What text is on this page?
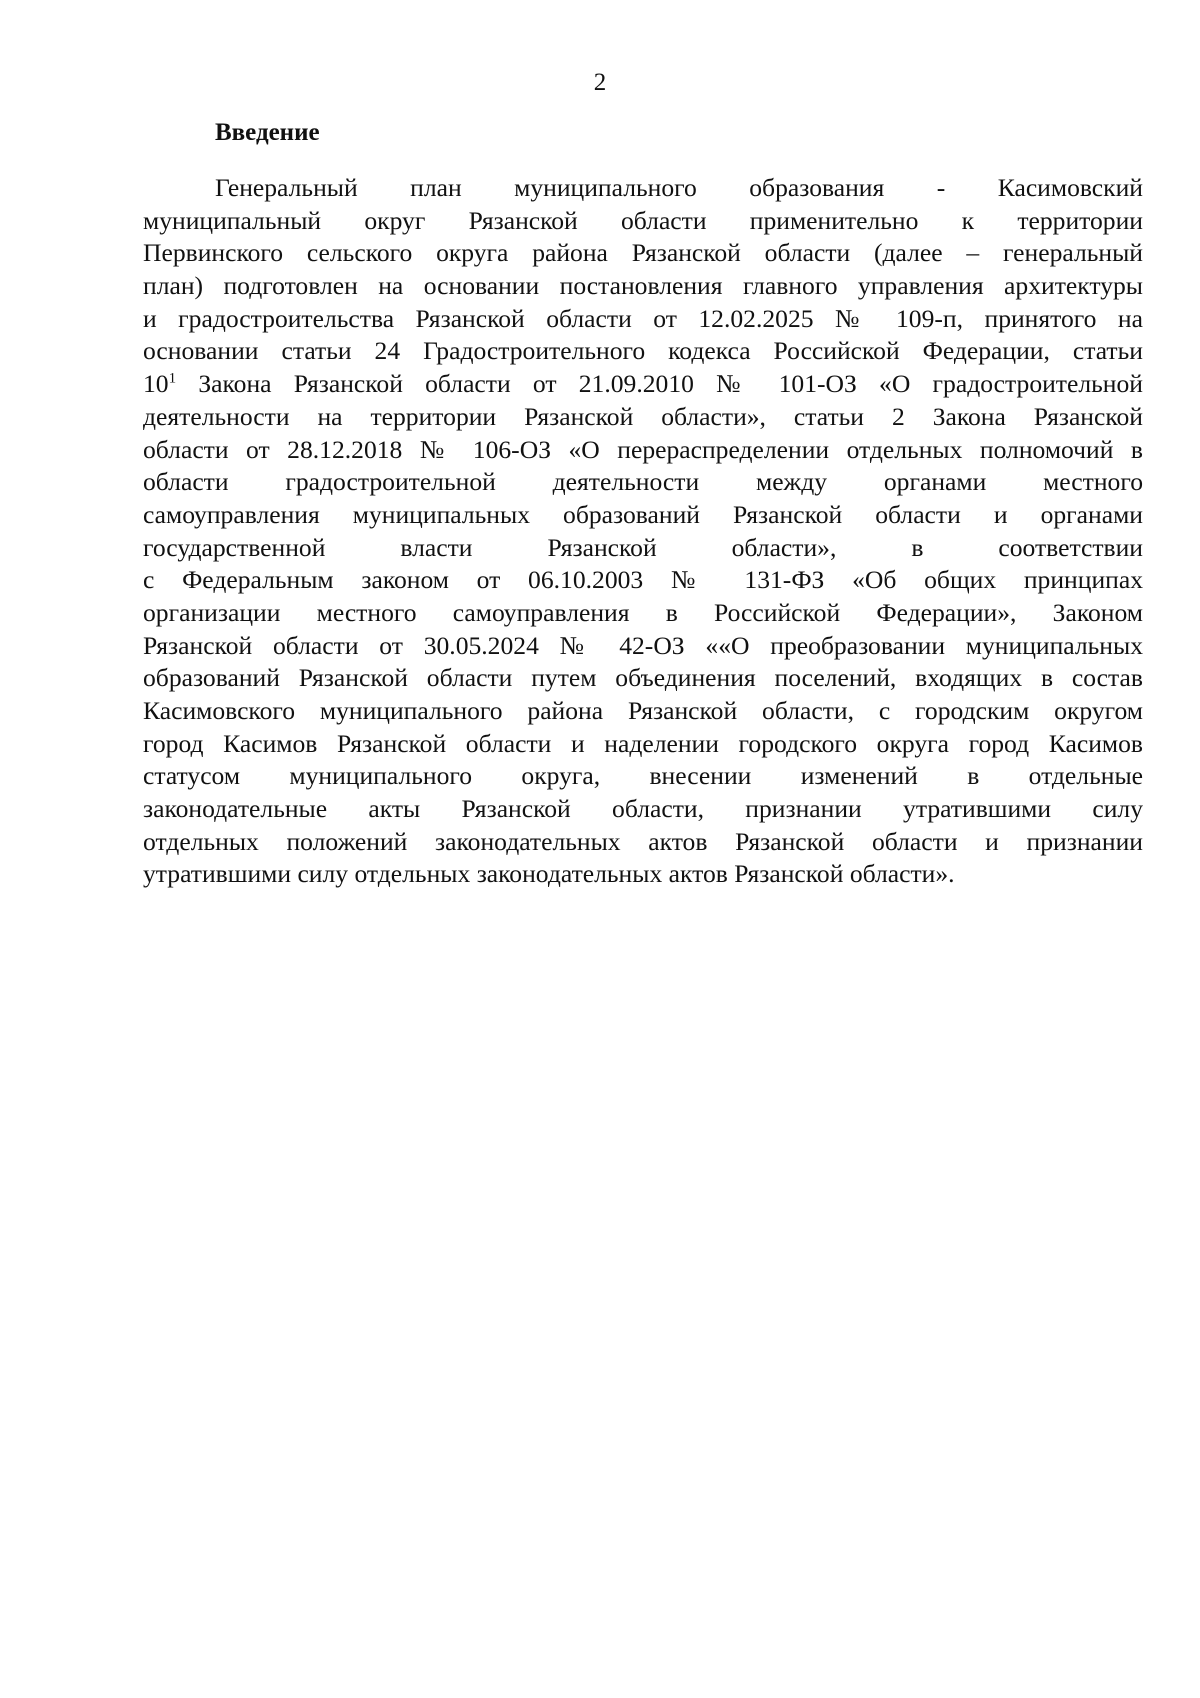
2
Введение
Генеральный план муниципального образования - Касимовский
муниципальный округ Рязанской области применительно к территории
Первинского сельского округа района Рязанской области (далее – генеральный
план) подготовлен на основании постановления главного управления архитектуры
и градостроительства Рязанской области от 12.02.2025 № 109-п, принятого на
основании статьи 24 Градостроительного кодекса Российской Федерации, статьи
$10^1$ Закона Рязанской области от 21.09.2010 № 101-ОЗ «О градостроительной
деятельности на территории Рязанской области», статьи 2 Закона Рязанской
области от 28.12.2018 № 106-ОЗ «О перераспределении отдельных полномочий в
области градостроительной деятельности между органами местного
самоуправления муниципальных образований Рязанской области и органами
государственной власти Рязанской области», в соответствии
с Федеральным законом от 06.10.2003 № 131-ФЗ «Об общих принципах
организации местного самоуправления в Российской Федерации», Законом
Рязанской области от 30.05.2024 № 42-ОЗ ««О преобразовании муниципальных
образований Рязанской области путем объединения поселений, входящих в состав
Касимовского муниципального района Рязанской области, с городским округом
город Касимов Рязанской области и наделении городского округа город Касимов
статусом муниципального округа, внесении изменений в отдельные
законодательные акты Рязанской области, признании утратившими силу
отдельных положений законодательных актов Рязанской области и признании
утратившими силу отдельных законодательных актов Рязанской области».
